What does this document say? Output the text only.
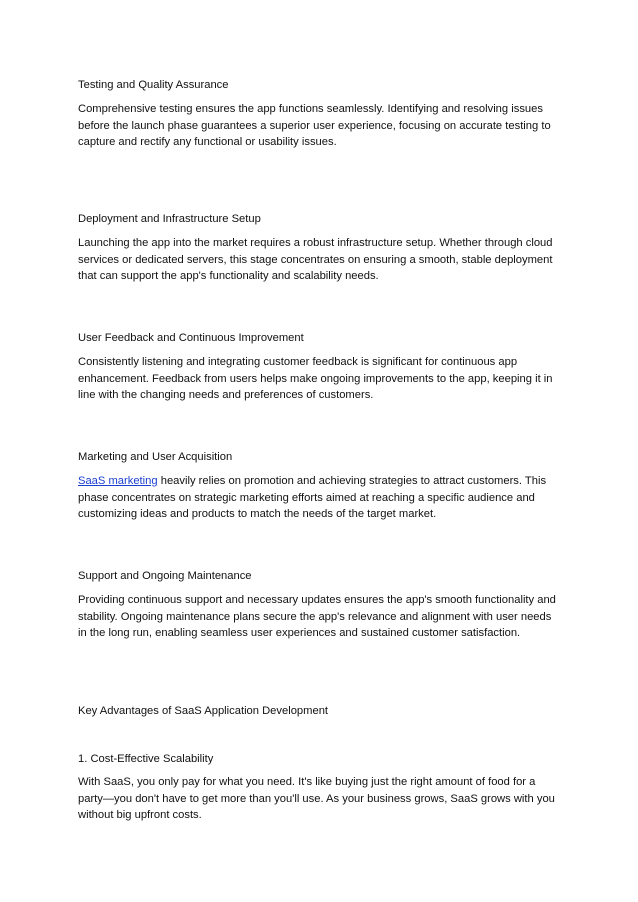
Testing and Quality Assurance

Comprehensive testing ensures the app functions seamlessly. Identifying and resolving issues before the launch phase guarantees a superior user experience, focusing on accurate testing to capture and rectify any functional or usability issues.

Deployment and Infrastructure Setup

Launching the app into the market requires a robust infrastructure setup. Whether through cloud services or dedicated servers, this stage concentrates on ensuring a smooth, stable deployment that can support the app's functionality and scalability needs.

User Feedback and Continuous Improvement

Consistently listening and integrating customer feedback is significant for continuous app enhancement. Feedback from users helps make ongoing improvements to the app, keeping it in line with the changing needs and preferences of customers.

Marketing and User Acquisition

SaaS marketing heavily relies on promotion and achieving strategies to attract customers. This phase concentrates on strategic marketing efforts aimed at reaching a specific audience and customizing ideas and products to match the needs of the target market.

Support and Ongoing Maintenance

Providing continuous support and necessary updates ensures the app's smooth functionality and stability. Ongoing maintenance plans secure the app's relevance and alignment with user needs in the long run, enabling seamless user experiences and sustained customer satisfaction.

Key Advantages of SaaS Application Development

1. Cost-Effective Scalability

With SaaS, you only pay for what you need. It's like buying just the right amount of food for a party—you don't have to get more than you'll use. As your business grows, SaaS grows with you without big upfront costs.
